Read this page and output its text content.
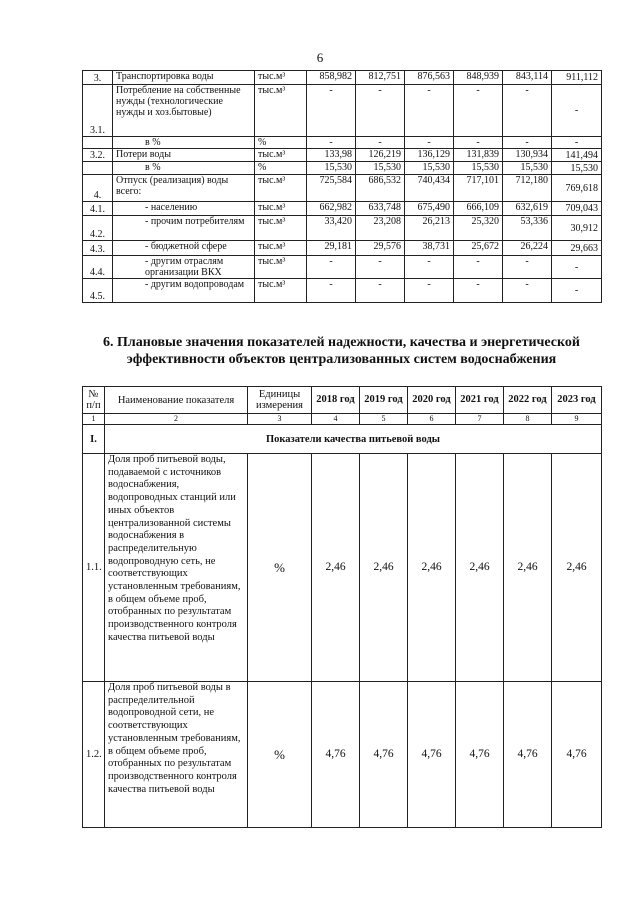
6
3.	Транспортировка воды	тыс.м³	858,982	812,751	876,563	848,939	843,114	911,112
3.1.	Потребление на собственные нужды (технологические нужды и хоз.бытовые)	тыс.м³	-	-	-	-	-	-
	в %	%	-	-	-	-	-	-
3.2.	Потери воды	тыс.м³	133,98	126,219	136,129	131,839	130,934	141,494
	в %	%	15,530	15,530	15,530	15,530	15,530	15,530
4.	Отпуск (реализация) воды всего:	тыс.м³	725,584	686,532	740,434	717,101	712,180	769,618
4.1.	- населению	тыс.м³	662,982	633,748	675,490	666,109	632,619	709,043
4.2.	- прочим потребителям	тыс.м³	33,420	23,208	26,213	25,320	53,336	30,912
4.3.	- бюджетной сфере	тыс.м³	29,181	29,576	38,731	25,672	26,224	29,663
4.4.	- другим отраслям организации ВКХ	тыс.м³	-	-	-	-	-	-
4.5.	- другим водопроводам	тыс.м³	-	-	-	-	-	-
6. Плановые значения показателей надежности, качества и энергетической эффективности объектов централизованных систем водоснабжения
№ п/п	Наименование показателя	Единицы измерения	2018 год	2019 год	2020 год	2021 год	2022 год	2023 год
1	2	3	4	5	6	7	8	9
I.	Показатели качества питьевой воды							
1.1.	Доля проб питьевой воды, подаваемой с источников водоснабжения, водопроводных станций или иных объектов централизованной системы водоснабжения в распределительную водопроводную сеть, не соответствующих установленным требованиям, в общем объеме проб, отобранных по результатам производственного контроля качества питьевой воды	%	2,46	2,46	2,46	2,46	2,46	2,46
1.2.	Доля проб питьевой воды в распределительной водопроводной сети, не соответствующих установленным требованиям, в общем объеме проб, отобранных по результатам производственного контроля качества питьевой воды	%	4,76	4,76	4,76	4,76	4,76	4,76
